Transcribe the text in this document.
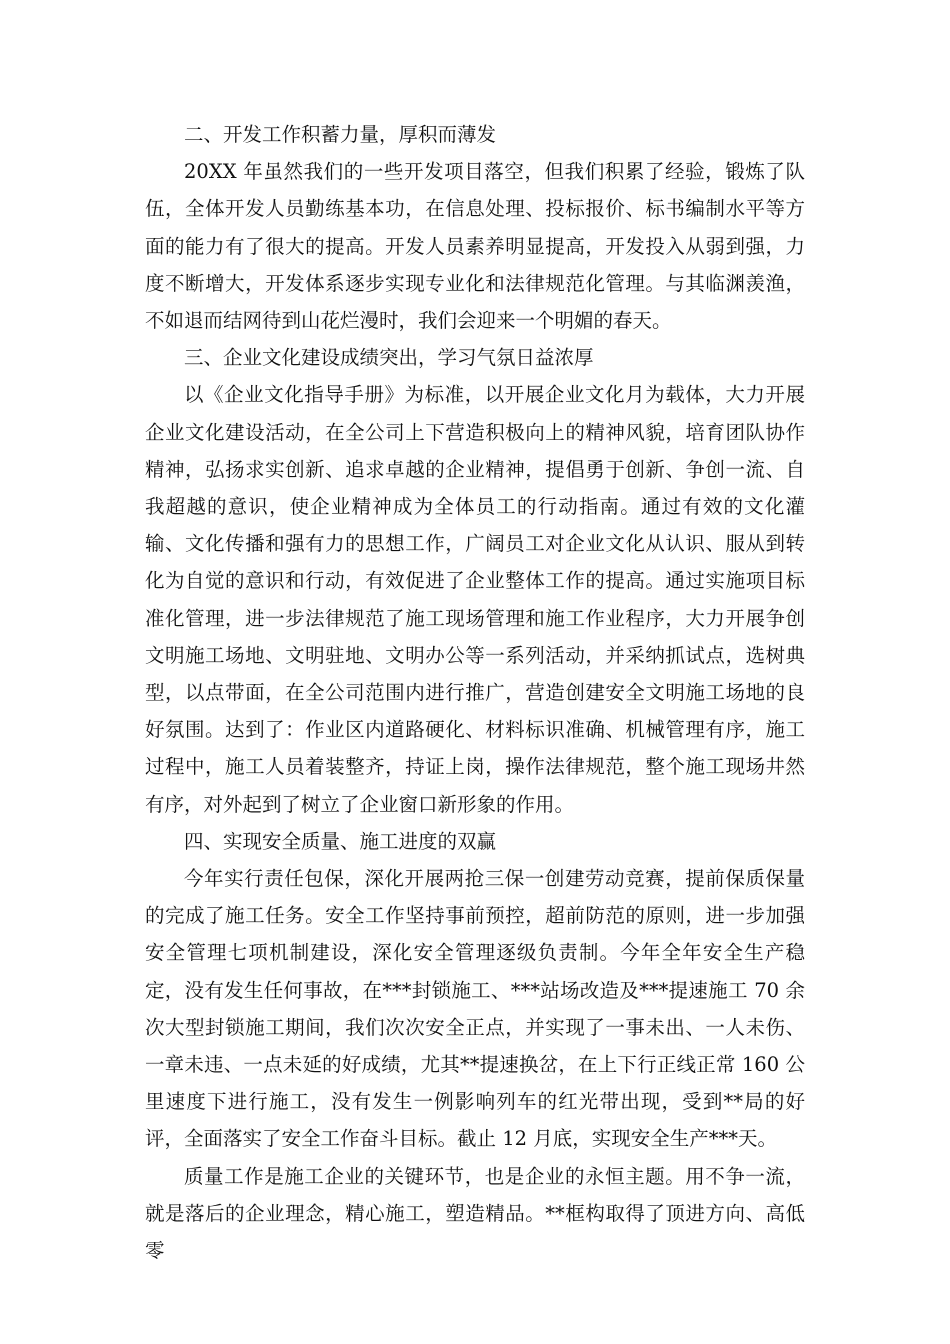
二、开发工作积蓄力量，厚积而薄发

20XX 年虽然我们的一些开发项目落空，但我们积累了经验，锻炼了队伍，全体开发人员勤练基本功，在信息处理、投标报价、标书编制水平等方面的能力有了很大的提高。开发人员素养明显提高，开发投入从弱到强，力度不断增大，开发体系逐步实现专业化和法律规范化管理。与其临渊羡渔，不如退而结网待到山花烂漫时，我们会迎来一个明媚的春天。

三、企业文化建设成绩突出，学习气氛日益浓厚

以《企业文化指导手册》为标准，以开展企业文化月为载体，大力开展企业文化建设活动，在全公司上下营造积极向上的精神风貌，培育团队协作精神，弘扬求实创新、追求卓越的企业精神，提倡勇于创新、争创一流、自我超越的意识，使企业精神成为全体员工的行动指南。通过有效的文化灌输、文化传播和强有力的思想工作，广阔员工对企业文化从认识、服从到转化为自觉的意识和行动，有效促进了企业整体工作的提高。通过实施项目标准化管理，进一步法律规范了施工现场管理和施工作业程序，大力开展争创文明施工场地、文明驻地、文明办公等一系列活动，并采纳抓试点，选树典型，以点带面，在全公司范围内进行推广，营造创建安全文明施工场地的良好氛围。达到了：作业区内道路硬化、材料标识准确、机械管理有序，施工过程中，施工人员着装整齐，持证上岗，操作法律规范，整个施工现场井然有序，对外起到了树立了企业窗口新形象的作用。

四、实现安全质量、施工进度的双赢

今年实行责任包保，深化开展两抢三保一创建劳动竞赛，提前保质保量的完成了施工任务。安全工作坚持事前预控，超前防范的原则，进一步加强安全管理七项机制建设，深化安全管理逐级负责制。今年全年安全生产稳定，没有发生任何事故，在***封锁施工、***站场改造及***提速施工 70 余次大型封锁施工期间，我们次次安全正点，并实现了一事未出、一人未伤、一章未违、一点未延的好成绩，尤其**提速换岔，在上下行正线正常 160 公里速度下进行施工，没有发生一例影响列车的红光带出现，受到**局的好评，全面落实了安全工作奋斗目标。截止 12 月底，实现安全生产***天。

质量工作是施工企业的关键环节，也是企业的永恒主题。用不争一流，就是落后的企业理念，精心施工，塑造精品。**框构取得了顶进方向、高低零
